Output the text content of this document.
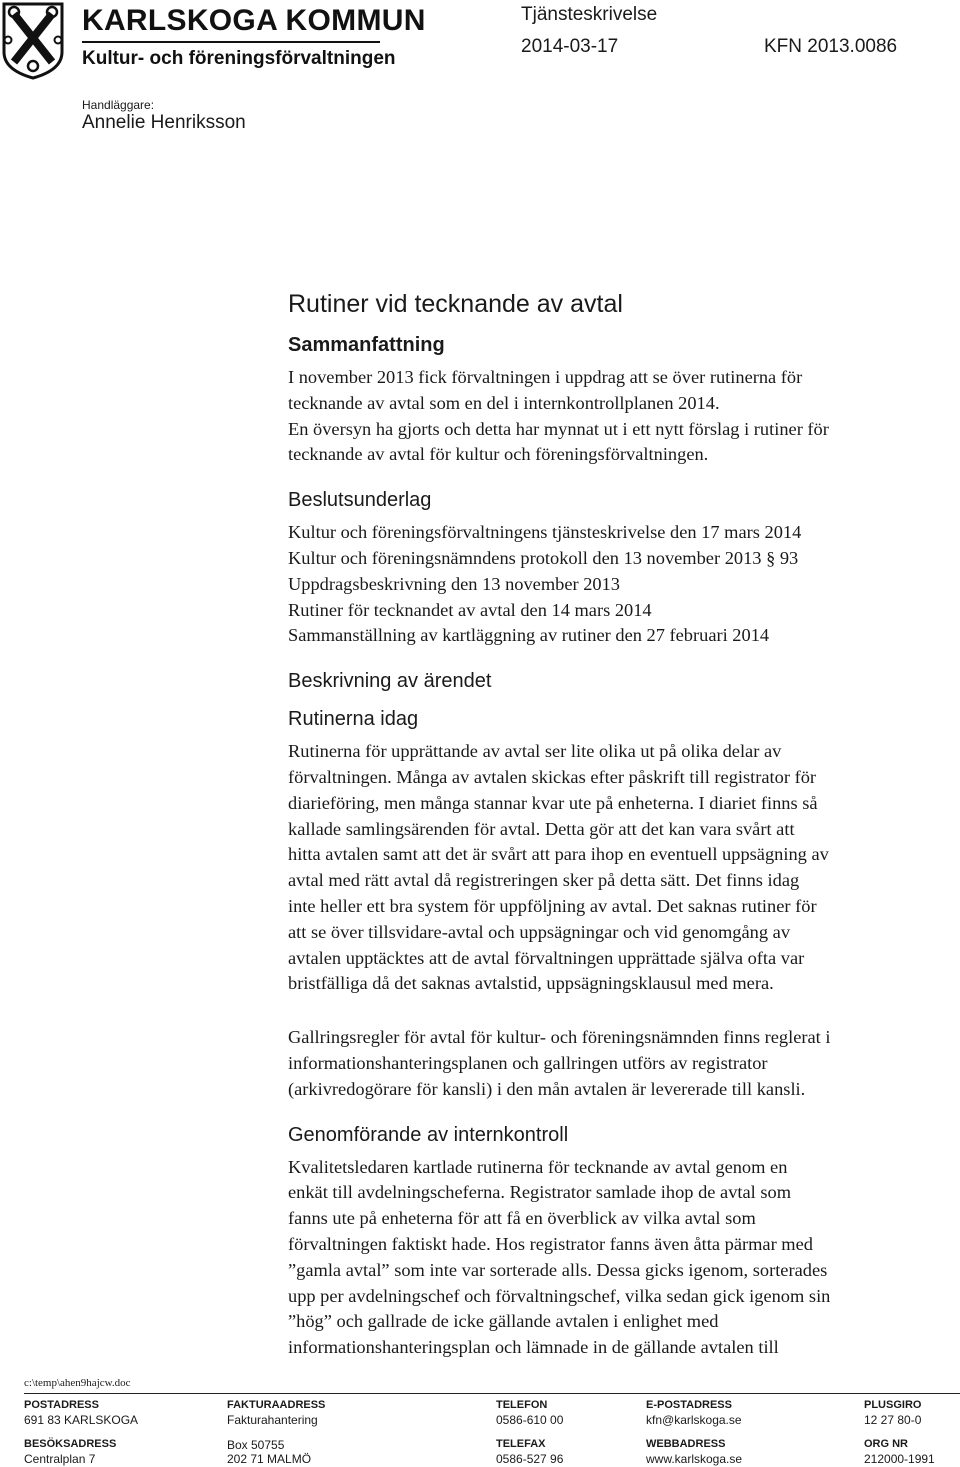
KARLSKOGA KOMMUN
Kultur- och föreningsförvaltningen
Tjänsteskrivelse
2014-03-17	KFN 2013.0086
Handläggare:
Annelie Henriksson
Rutiner vid tecknande av avtal
Sammanfattning
I november 2013 fick förvaltningen i uppdrag att se över rutinerna för
tecknande av avtal som en del i internkontrollplanen 2014.
En översyn ha gjorts och detta har mynnat ut i ett nytt förslag i rutiner för
tecknande av avtal för kultur och föreningsförvaltningen.
Beslutsunderlag
Kultur och föreningsförvaltningens tjänsteskrivelse den 17 mars 2014
Kultur och föreningsnämndens protokoll den 13 november 2013 § 93
Uppdragsbeskrivning den 13 november 2013
Rutiner för tecknandet av avtal den 14 mars 2014
Sammanställning av kartläggning av rutiner den 27 februari 2014
Beskrivning av ärendet
Rutinerna idag
Rutinerna för upprättande av avtal ser lite olika ut på olika delar av
förvaltningen. Många av avtalen skickas efter påskrift till registrator för
diarieföring, men många stannar kvar ute på enheterna. I diariet finns så
kallade samlingsärenden för avtal. Detta gör att det kan vara svårt att
hitta avtalen samt att det är svårt att para ihop en eventuell uppsägning av
avtal med rätt avtal då registreringen sker på detta sätt. Det finns idag
inte heller ett bra system för uppföljning av avtal. Det saknas rutiner för
att se över tillsvidare-avtal och uppsägningar och vid genomgång av
avtalen upptäcktes att de avtal förvaltningen upprättade själva ofta var
bristfälliga då det saknas avtalstid, uppsägningsklausul med mera.
Gallringsregler för avtal för kultur- och föreningsnämnden finns reglerat i
informationshanteringsplanen och gallringen utförs av registrator
(arkivredogörare för kansli) i den mån avtalen är levererade till kansli.
Genomförande av internkontroll
Kvalitetsledaren kartlade rutinerna för tecknande av avtal genom en
enkät till avdelningscheferna. Registrator samlade ihop de avtal som
fanns ute på enheterna för att få en överblick av vilka avtal som
förvaltningen faktiskt hade. Hos registrator fanns även åtta pärmar med
”gamla avtal” som inte var sorterade alls. Dessa gicks igenom, sorterades
upp per avdelningschef och förvaltningschef, vilka sedan gick igenom sin
”hög” och gallrade de icke gällande avtalen i enlighet med
informationshanteringsplan och lämnade in de gällande avtalen till
c:\temp\ahen9hajcw.doc
POSTADRESS
691 83 KARLSKOGA
BESÖKSADRESS
Centralplan 7
FAKTURAADRESS
Fakturahantering
Box 50755
202 71 MALMÖ
TELEFON
0586-610 00
TELEFAX
0586-527 96
E-POSTADRESS
kfn@karlskoga.se
WEBBADRESS
www.karlskoga.se
PLUSGIRO
12 27 80-0
ORG NR
212000-1991
